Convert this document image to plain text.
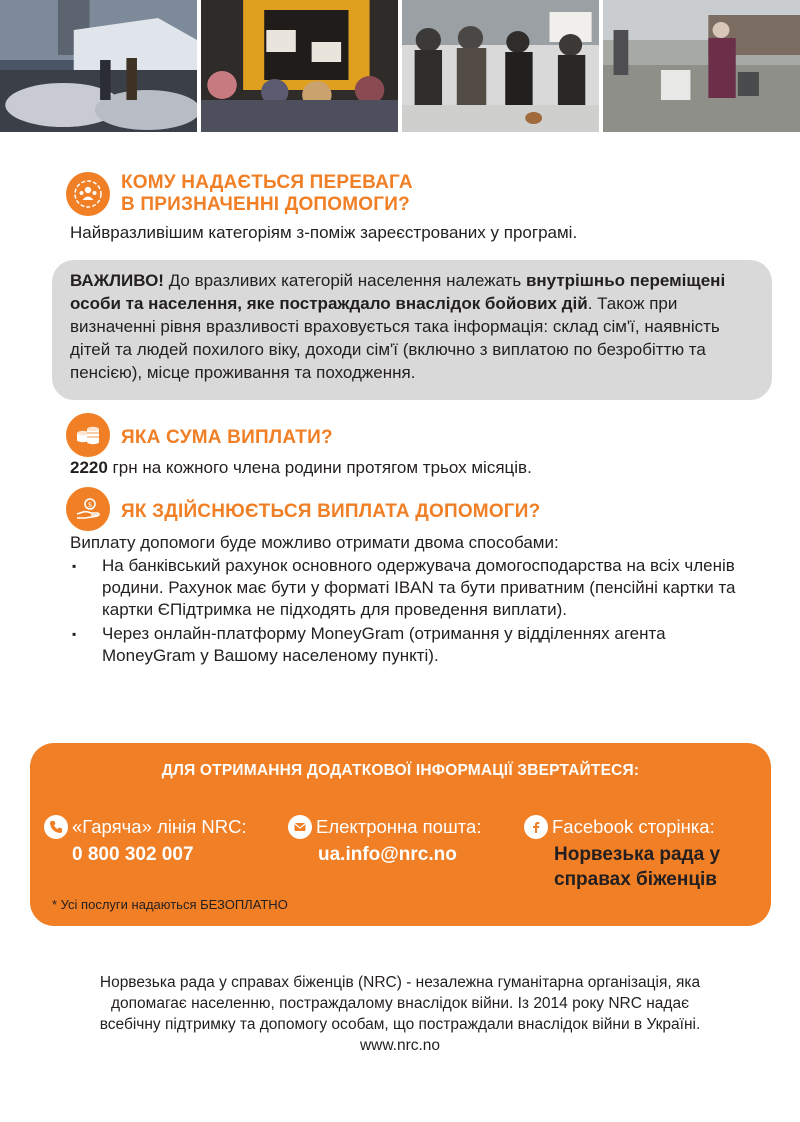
КОМУ НАДАЄТЬСЯ ПЕРЕВАГА
В ПРИЗНАЧЕННІ ДОПОМОГИ?
Найвразливішим категоріям з-поміж зареєстрованих у програмі.
ВАЖЛИВО! До вразливих категорій населення належать внутрішньо переміщені особи та населення, яке постраждало внаслідок бойових дій. Також при визначенні рівня вразливості враховується така інформація: склад сім'ї, наявність дітей та людей похилого віку, доходи сім'ї (включно з виплатою по безробіттю та пенсією), місце проживання та походження.
ЯКА СУМА ВИПЛАТИ?
2220 грн на кожного члена родини протягом трьох місяців.
$ ЯК ЗДІЙСНЮЄТЬСЯ ВИПЛАТА ДОПОМОГИ?
Виплату допомоги буде можливо отримати двома способами:
▪ На банківський рахунок основного одержувача домогосподарства на всіх членів родини. Рахунок має бути у форматі IBAN та бути приватним (пенсійні картки та картки ЄПідтримка не підходять для проведення виплати).
▪ Через онлайн-платформу MoneyGram (отримання у відділеннях агента MoneyGram у Вашому населеному пункті).
ДЛЯ ОТРИМАННЯ ДОДАТКОВОЇ ІНФОРМАЦІЇ ЗВЕРТАЙТЕСЯ:
«Гаряча» лінія NRC:
0 800 302 007
Електронна пошта:
ua.info@nrc.no
Facebook сторінка:
Норвезька рада у
справах біженців
* Усі послуги надаються БЕЗОПЛАТНО
Норвезька рада у справах біженців (NRC) - незалежна гуманітарна організація, яка
допомагає населенню, постраждалому внаслідок війни. Із 2014 року NRC надає
всебічну підтримку та допомогу особам, що постраждали внаслідок війни в Україні.
www.nrc.no
